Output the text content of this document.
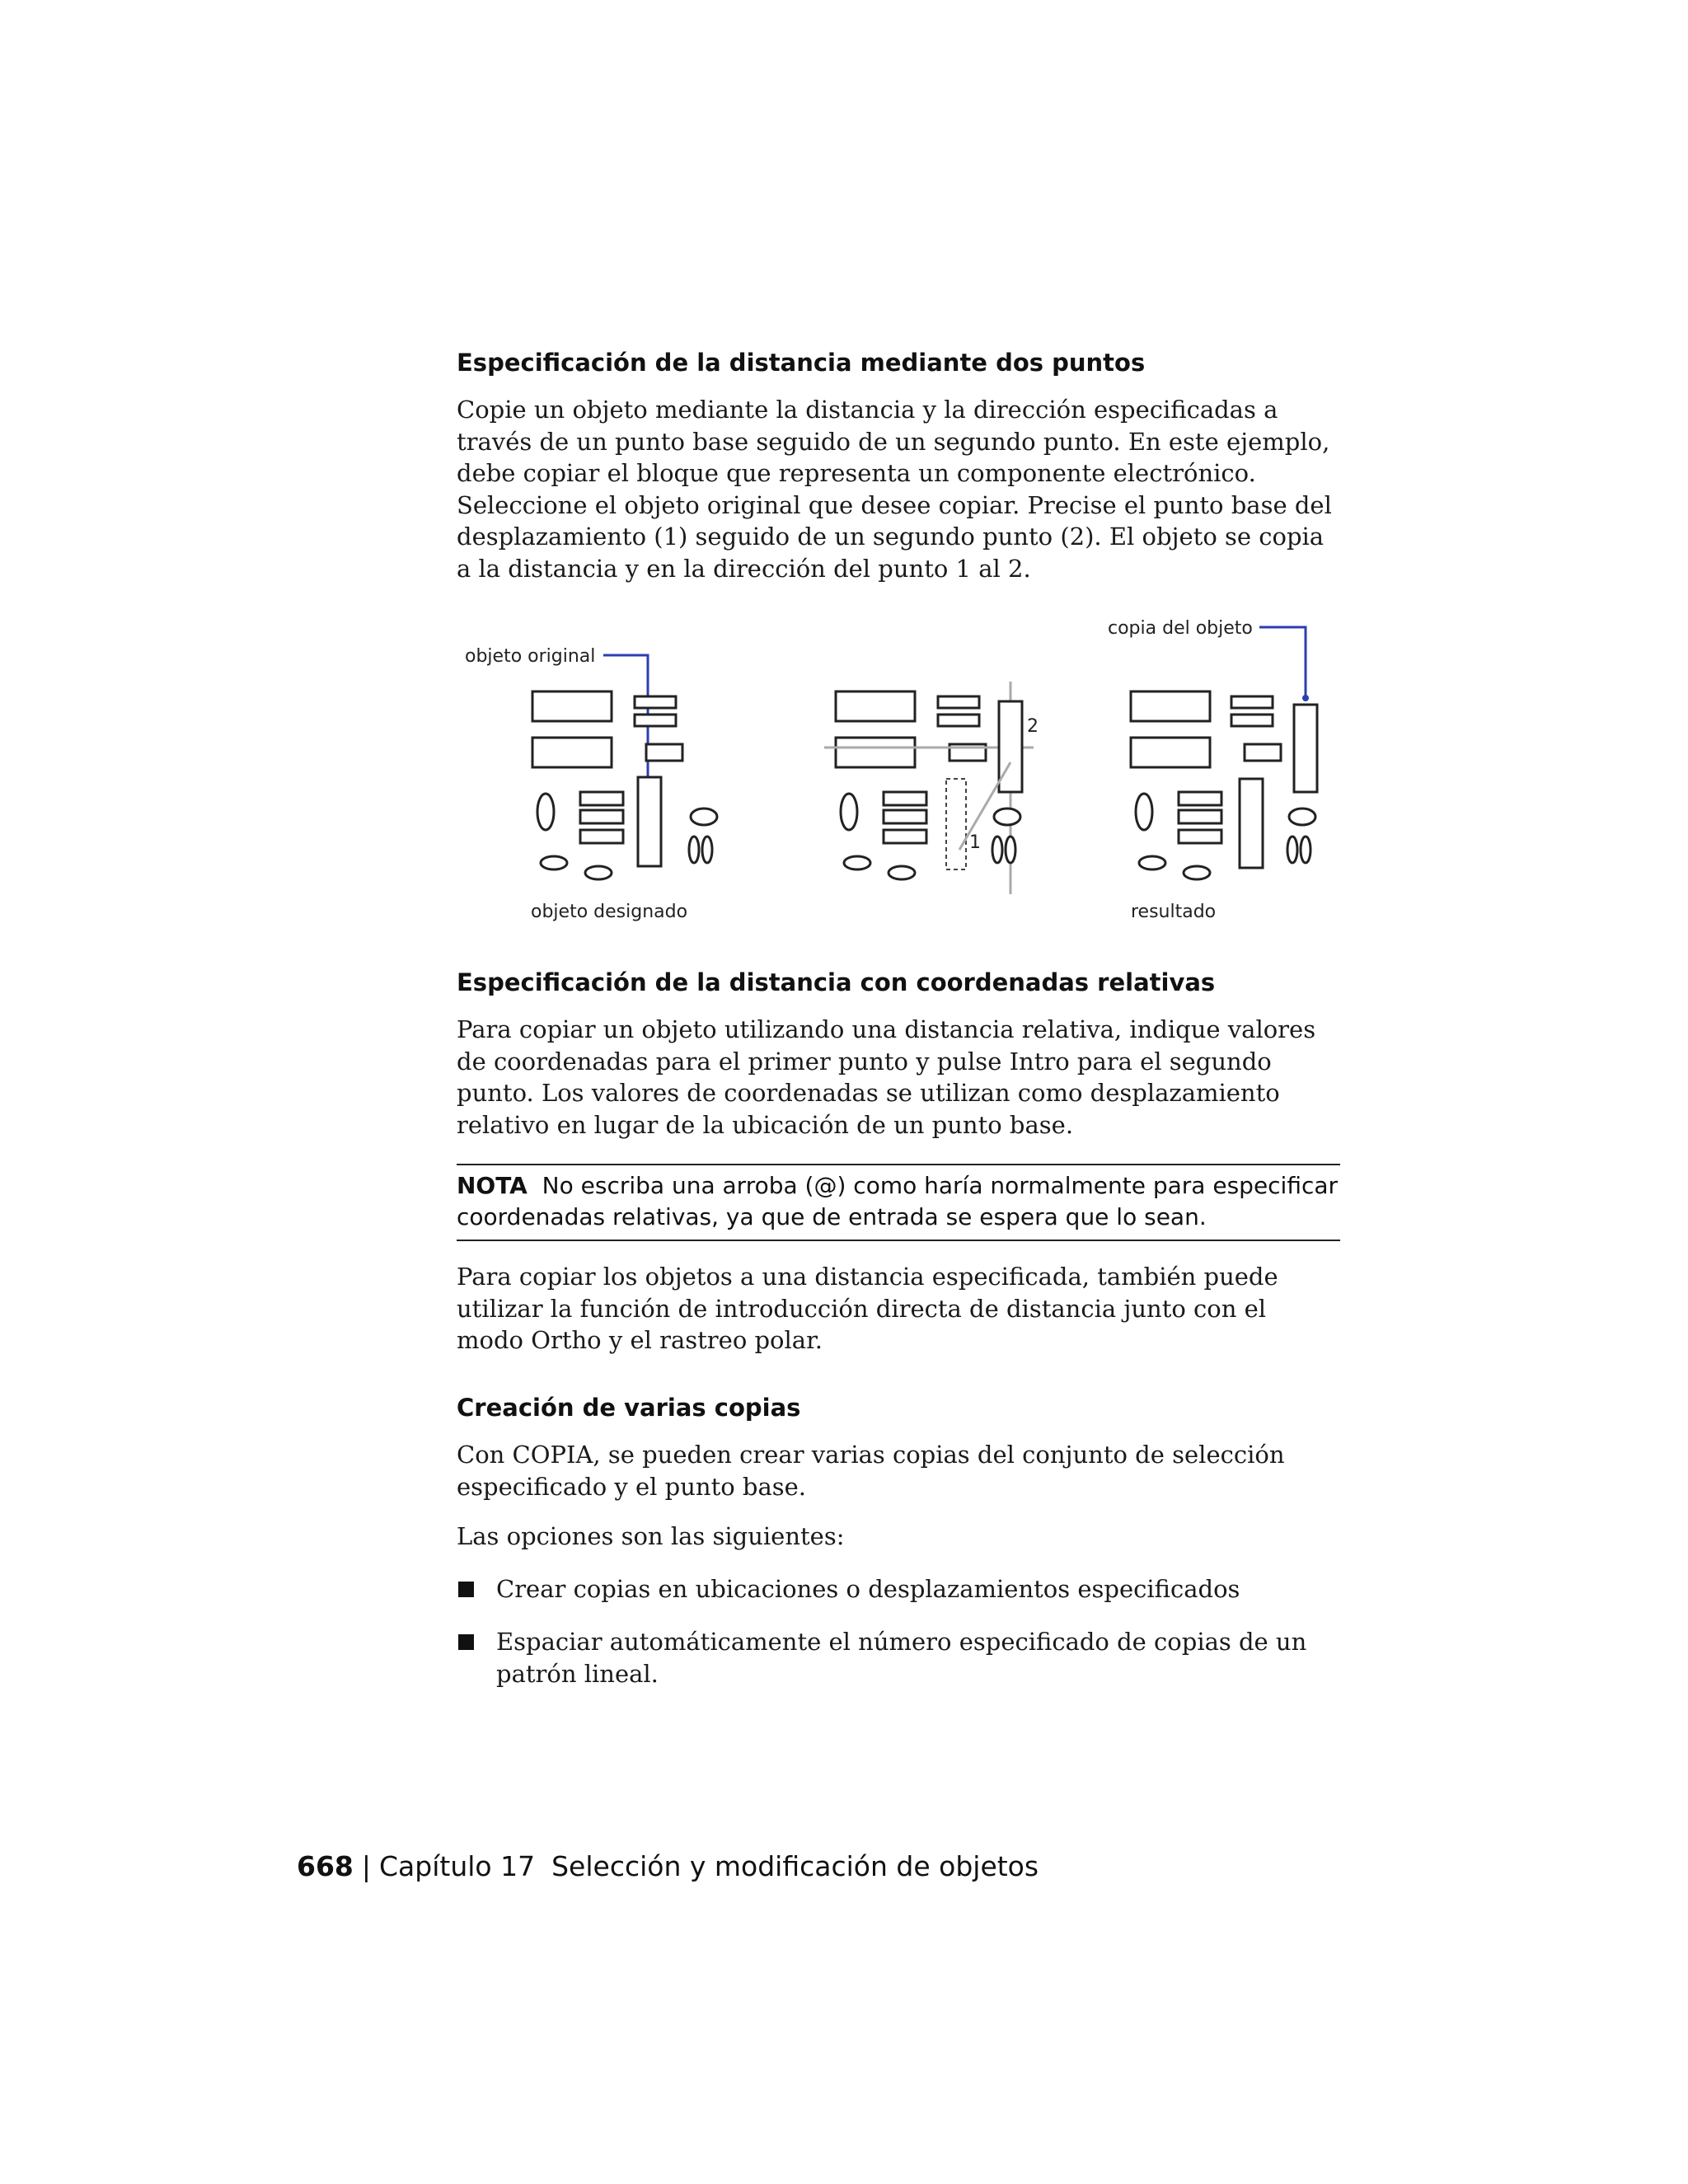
Especificación de la distancia mediante dos puntos
Copie un objeto mediante la distancia y la dirección especificadas a través de un punto base seguido de un segundo punto. En este ejemplo, debe copiar el bloque que representa un componente electrónico. Seleccione el objeto original que desee copiar. Precise el punto base del desplazamiento (1) seguido de un segundo punto (2). El objeto se copia a la distancia y en la dirección del punto 1 al 2.
objeto original
objeto designado
2
1
copia del objeto
resultado
Especificación de la distancia con coordenadas relativas
Para copiar un objeto utilizando una distancia relativa, indique valores de coordenadas para el primer punto y pulse Intro para el segundo punto. Los valores de coordenadas se utilizan como desplazamiento relativo en lugar de la ubicación de un punto base.
NOTA No escriba una arroba (@) como haría normalmente para especificar coordenadas relativas, ya que de entrada se espera que lo sean.
Para copiar los objetos a una distancia especificada, también puede utilizar la función de introducción directa de distancia junto con el modo Ortho y el rastreo polar.
Creación de varias copias
Con COPIA, se pueden crear varias copias del conjunto de selección especificado y el punto base.
Las opciones son las siguientes:
Crear copias en ubicaciones o desplazamientos especificados
Espaciar automáticamente el número especificado de copias de un patrón lineal.
668 | Capítulo 17 Selección y modificación de objetos
